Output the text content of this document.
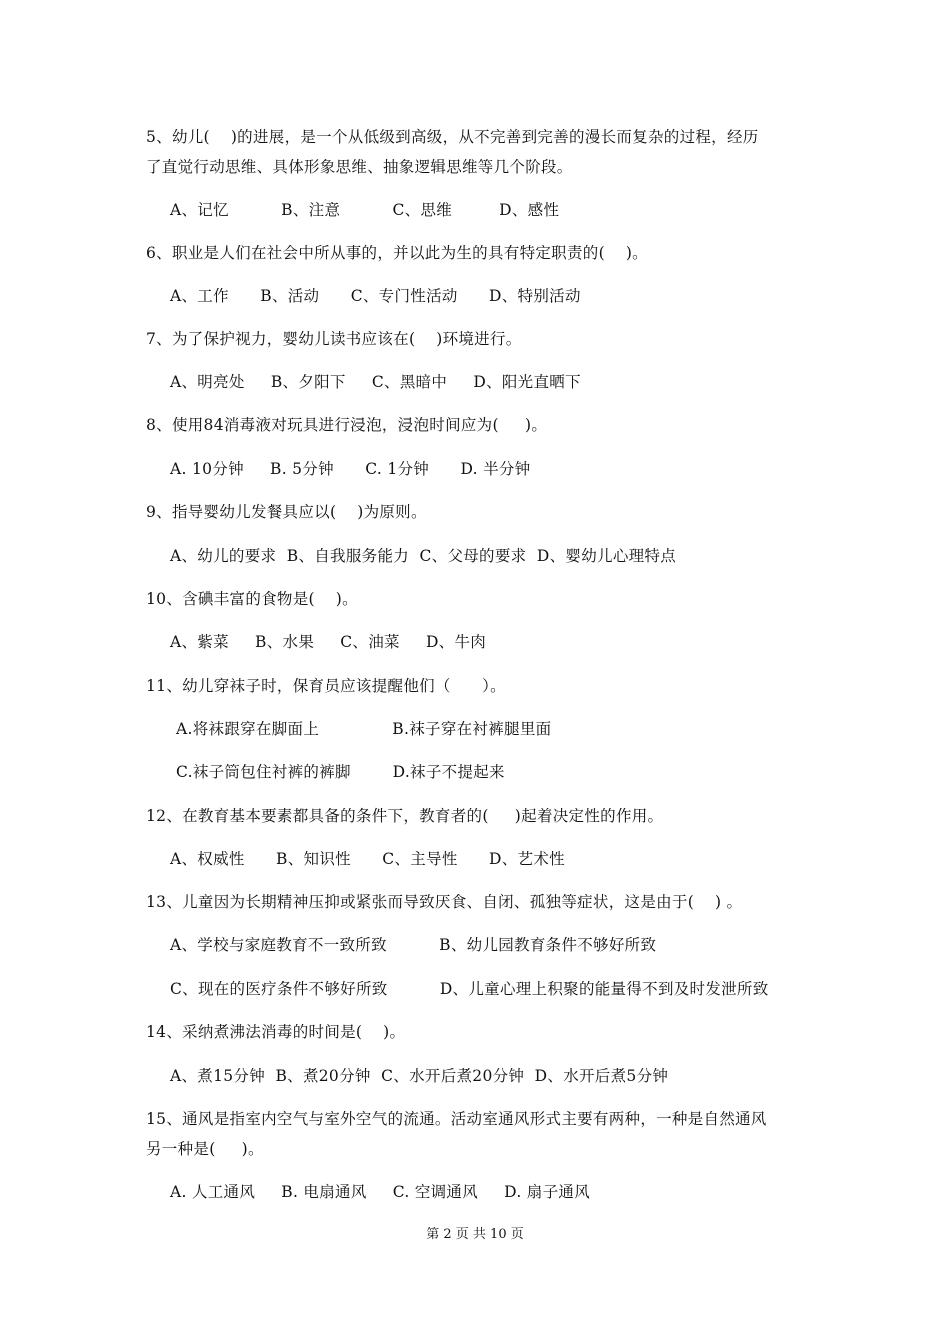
5、幼儿(    )的进展，是一个从低级到高级，从不完善到完善的漫长而复杂的过程，经历
了直觉行动思维、具体形象思维、抽象逻辑思维等几个阶段。
A、记忆          B、注意          C、思维         D、感性
6、职业是人们在社会中所从事的，并以此为生的具有特定职责的(    )。
A、工作      B、活动      C、专门性活动      D、特别活动
7、为了保护视力，婴幼儿读书应该在(    )环境进行。
A、明亮处     B、夕阳下     C、黑暗中     D、阳光直晒下
8、使用84消毒液对玩具进行浸泡，浸泡时间应为(     )。
A. 10分钟     B. 5分钟      C. 1分钟      D. 半分钟
9、指导婴幼儿发餐具应以(    )为原则。
A、幼儿的要求  B、自我服务能力  C、父母的要求  D、婴幼儿心理特点
10、含碘丰富的食物是(    )。
A、紫菜     B、水果     C、油菜     D、牛肉
11、幼儿穿袜子时，保育员应该提醒他们（      ）。
A.将袜跟穿在脚面上              B.袜子穿在衬裤腿里面
C.袜子筒包住衬裤的裤脚        D.袜子不提起来
12、在教育基本要素都具备的条件下，教育者的(     )起着决定性的作用。
A、权威性      B、知识性      C、主导性      D、艺术性
13、儿童因为长期精神压抑或紧张而导致厌食、自闭、孤独等症状，这是由于(    ) 。
A、学校与家庭教育不一致所致          B、幼儿园教育条件不够好所致
C、现在的医疗条件不够好所致          D、儿童心理上积聚的能量得不到及时发泄所致
14、采纳煮沸法消毒的时间是(    )。
A、煮15分钟  B、煮20分钟  C、水开后煮20分钟  D、水开后煮5分钟
15、通风是指室内空气与室外空气的流通。活动室通风形式主要有两种，一种是自然通风
另一种是(     )。
A. 人工通风     B. 电扇通风     C. 空调通风     D. 扇子通风
第 2 页 共 10 页
